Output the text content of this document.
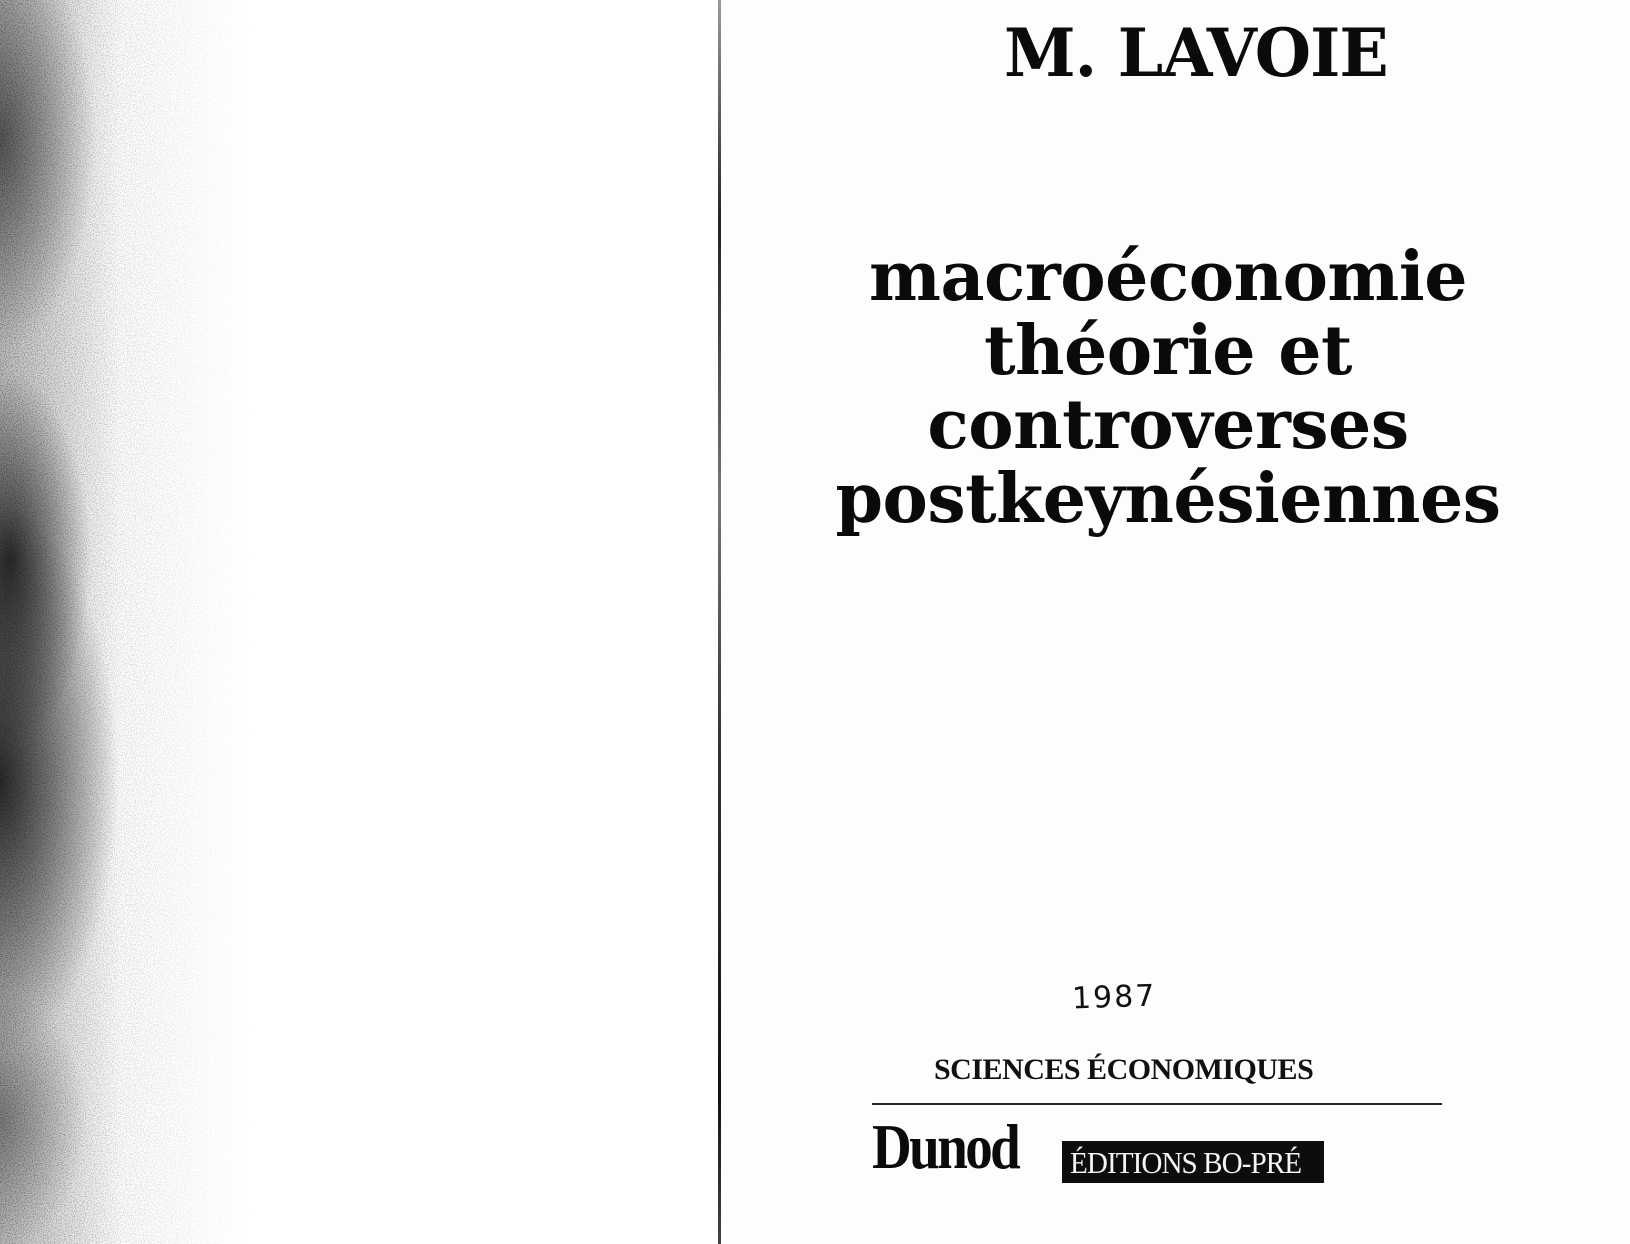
M. LAVOIE
macroéconomie
théorie et
controverses
postkeynésiennes
1987
SCIENCES ÉCONOMIQUES
Dunod ÉDITIONS BO-PRÉ
